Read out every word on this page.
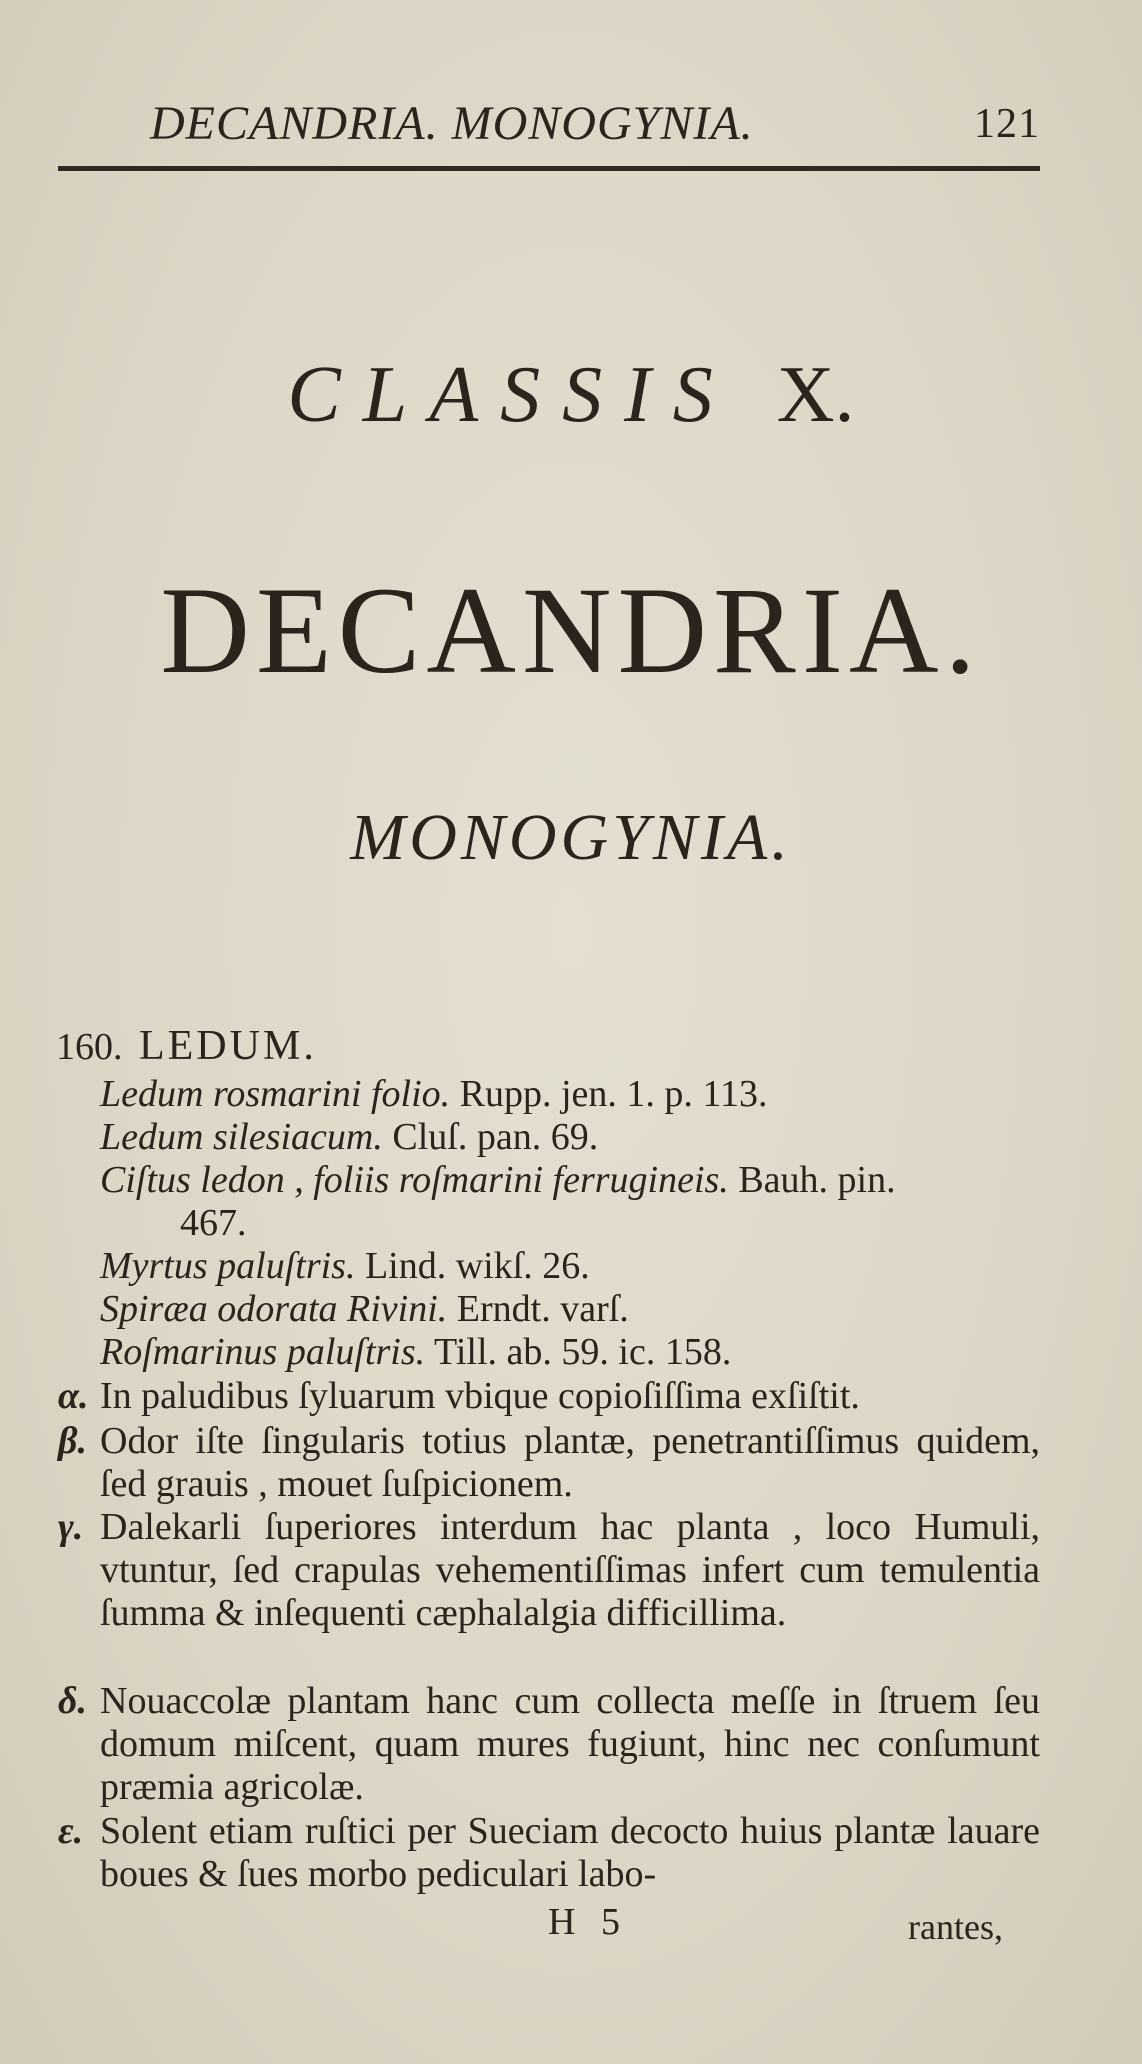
DECANDRIA. MONOGYNIA.	121
CLASSIS X.
DECANDRIA.
MONOGYNIA.
160. LEDUM.
Ledum rosmarini folio. Rupp. jen. 1. p. 113.
Ledum silesiacum. Cluſ. pan. 69.
Ciſtus ledon , foliis roſmarini ferrugineis. Bauh. pin.
467.
Myrtus paluſtris. Lind. wikſ. 26.
Spiræa odorata Rivini. Erndt. varſ.
Roſmarinus paluſtris. Till. ab. 59. ic. 158.
α. In paludibus ſyluarum vbique copioſiſſima exſiſtit.
β. Odor iſte ſingularis totius plantæ, penetrantiſſimus quidem, ſed grauis , mouet ſuſpicionem.
γ. Dalekarli ſuperiores interdum hac planta , loco Humuli, vtuntur, ſed crapulas vehementiſſimas infert cum temulentia ſumma & inſequenti cæphalalgia difficillima.
δ. Nouaccolæ plantam hanc cum collecta meſſe in ſtruem ſeu domum miſcent, quam mures fugiunt, hinc nec conſumunt præmia agricolæ.
ε. Solent etiam ruſtici per Sueciam decocto huius plantæ lauare boues & ſues morbo pediculari labo-
H 5	rantes,
